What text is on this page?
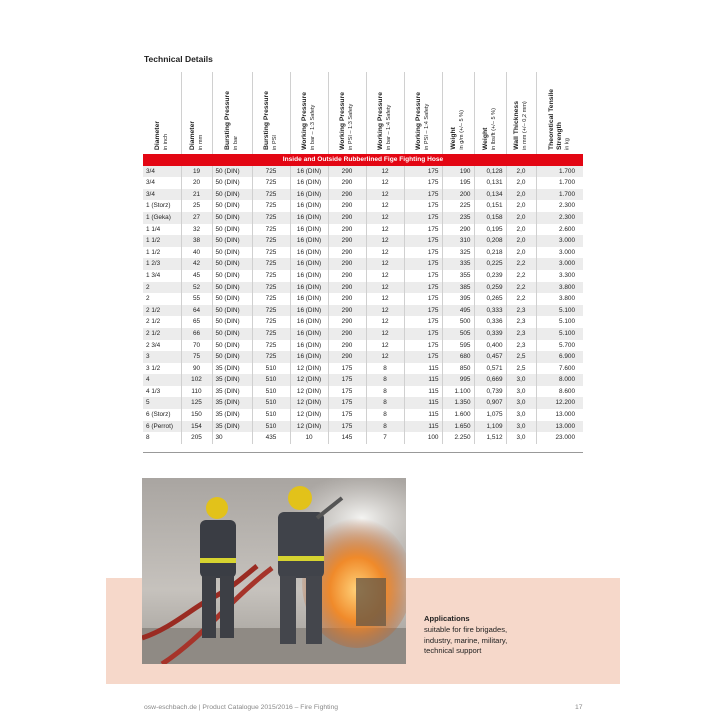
Technical Details
Diameter in inch	Diameter in mm	Bursting Pressure in bar	Bursting Pressure in PSI	Working Pressure in bar – 1:3 Safety	Working Pressure in PSI – 1:3 Safety	Working Pressure in bar – 1:4 Safety	Working Pressure in PSI – 1:4 Safety	Weight in g/m (+/– 5 %)	Weight in lbs/ft (+/– 5 %)	Wall Thickness in mm (+/– 0,2 mm)	Theoretical Tensile Strength in kg

Inside and Outside Rubberlined Fige Fighting Hose											
3/4	19	50 (DIN)	725	16 (DIN)	290	12	175	190	0,128	2,0	1.700
3/4	20	50 (DIN)	725	16 (DIN)	290	12	175	195	0,131	2,0	1.700
3/4	21	50 (DIN)	725	16 (DIN)	290	12	175	200	0,134	2,0	1.700
1 (Storz)	25	50 (DIN)	725	16 (DIN)	290	12	175	225	0,151	2,0	2.300
1 (Geka)	27	50 (DIN)	725	16 (DIN)	290	12	175	235	0,158	2,0	2.300
1 1/4	32	50 (DIN)	725	16 (DIN)	290	12	175	290	0,195	2,0	2.600
1 1/2	38	50 (DIN)	725	16 (DIN)	290	12	175	310	0,208	2,0	3.000
1 1/2	40	50 (DIN)	725	16 (DIN)	290	12	175	325	0,218	2,0	3.000
1 2/3	42	50 (DIN)	725	16 (DIN)	290	12	175	335	0,225	2,2	3.000
1 3/4	45	50 (DIN)	725	16 (DIN)	290	12	175	355	0,239	2,2	3.300
2	52	50 (DIN)	725	16 (DIN)	290	12	175	385	0,259	2,2	3.800
2	55	50 (DIN)	725	16 (DIN)	290	12	175	395	0,265	2,2	3.800
2 1/2	64	50 (DIN)	725	16 (DIN)	290	12	175	495	0,333	2,3	5.100
2 1/2	65	50 (DIN)	725	16 (DIN)	290	12	175	500	0,336	2,3	5.100
2 1/2	66	50 (DIN)	725	16 (DIN)	290	12	175	505	0,339	2,3	5.100
2 3/4	70	50 (DIN)	725	16 (DIN)	290	12	175	595	0,400	2,3	5.700
3	75	50 (DIN)	725	16 (DIN)	290	12	175	680	0,457	2,5	6.900
3 1/2	90	35 (DIN)	510	12 (DIN)	175	8	115	850	0,571	2,5	7.600
4	102	35 (DIN)	510	12 (DIN)	175	8	115	995	0,669	3,0	8.000
4 1/3	110	35 (DIN)	510	12 (DIN)	175	8	115	1.100	0,739	3,0	8.600
5	125	35 (DIN)	510	12 (DIN)	175	8	115	1.350	0,907	3,0	12.200
6 (Storz)	150	35 (DIN)	510	12 (DIN)	175	8	115	1.600	1,075	3,0	13.000
6 (Perrot)	154	35 (DIN)	510	12 (DIN)	175	8	115	1.650	1,109	3,0	13.000
8	205	30	435	10	145	7	100	2.250	1,512	3,0	23.000
Applications
suitable for fire brigades,
industry, marine, military,
technical support
osw-eschbach.de | Product Catalogue 2015/2016 – Fire Fighting	17
